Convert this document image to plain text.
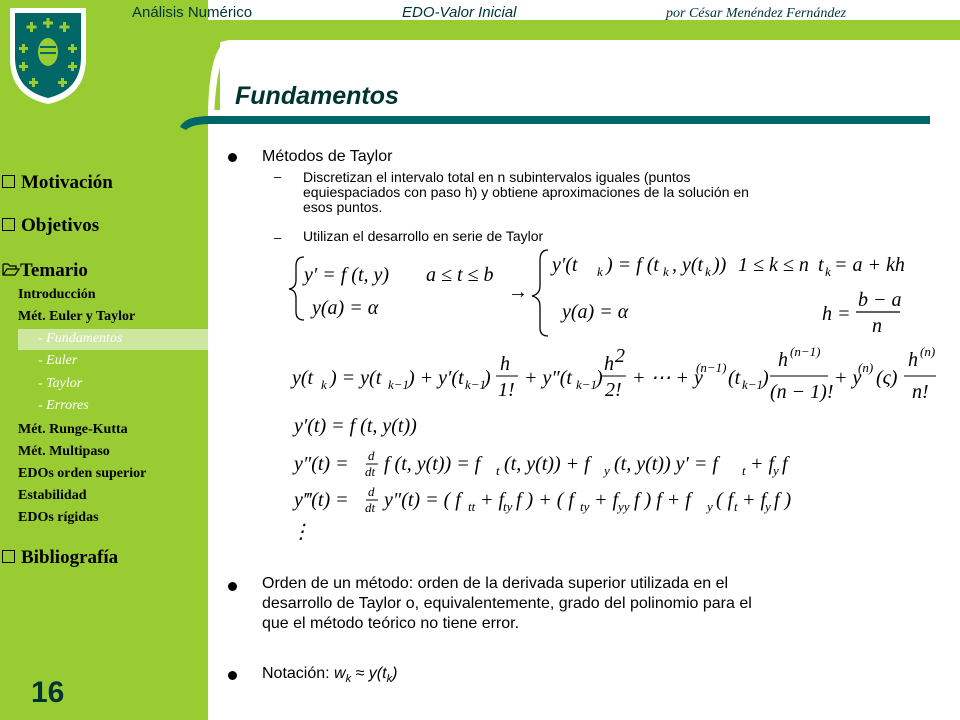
Análisis Numérico	EDO-Valor Inicial	por César Menéndez Fernández
Fundamentos
Motivación
Objetivos
Temario
Introducción
Mét. Euler y Taylor
- Fundamentos
- Euler
- Taylor
- Errores
Mét. Runge-Kutta
Mét. Multipaso
EDOs orden superior
Estabilidad
EDOs rígidas
Bibliografía
16
Métodos de Taylor
– Discretizan el intervalo total en n subintervalos iguales (puntos
equiespaciados con paso h) y obtiene aproximaciones de la solución en
esos puntos.
– Utilizan el desarrollo en serie de Taylor
y′ = f (t, y) a ≤ t ≤ b
y(a) = α
→
y′(t k ) = f (t k , y(t k )) 1 ≤ k ≤ n t k = a + kh
y(a) = α	h =
b − a
n
y(t k ) = y(t k−1
) + y′(t k−1
)
h
1!
+ y″(t k−1
)
h 2
2!
+ ⋯ + y
(n−1) (t k−1
)
h (n−1)
(n − 1)!
+ y
(n) (ς)
h (n)
n!
y′(t) = f (t, y(t))
y″(t) = d
dt f (t, y(t)) = f t (t, y(t)) + f y (t, y(t)) y′ = f t + f
y f
y‴(t) = d
dt y″(t) = ( f tt + f
ty f ) + ( f ty + f yy f ) f + f y ( f t + f
y f )
⋮
Orden de un método: orden de la derivada superior utilizada en el
desarrollo de Taylor o, equivalentemente, grado del polinomio para el
que el método teórico no tiene error.
Notación: $w_k \approx y(t_k)$
